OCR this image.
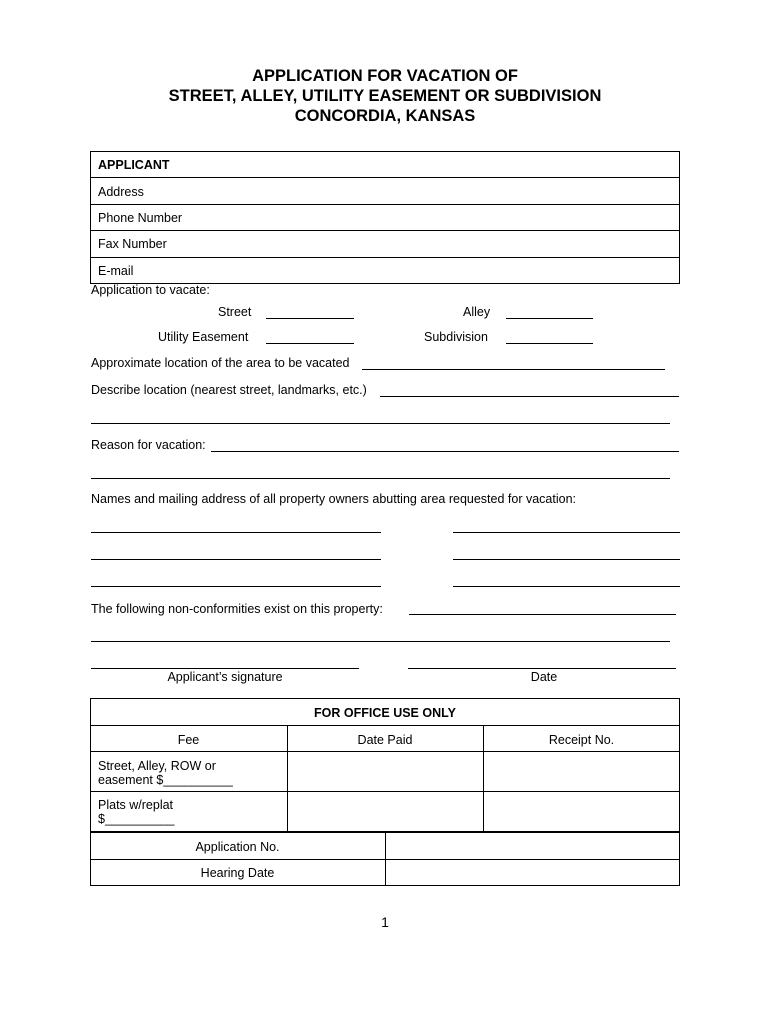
APPLICATION FOR VACATION OF
STREET, ALLEY, UTILITY EASEMENT OR SUBDIVISION
CONCORDIA, KANSAS
APPLICANT
Address
Phone Number
Fax Number
E-mail
Application to vacate:
Street	Alley
Utility Easement	Subdivision
Approximate location of the area to be vacated
Describe location (nearest street, landmarks, etc.)
Reason for vacation:
Names and mailing address of all property owners abutting area requested for vacation:
The following non-conformities exist on this property:
Applicant’s signature	Date
FOR OFFICE USE ONLY
Fee	Date Paid	Receipt No.
Street, Alley, ROW or
easement $__________
Plats w/replat
$__________
Application No.
Hearing Date
1
